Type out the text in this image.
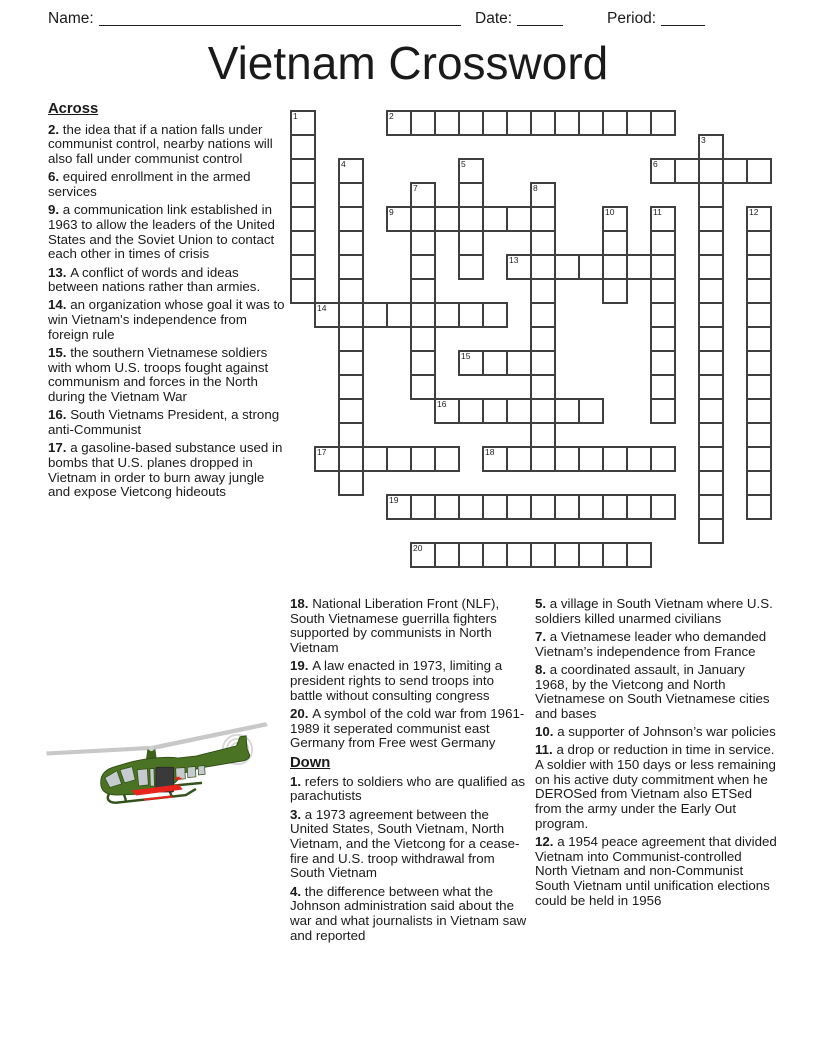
Name:	Date:	Period:
Vietnam Crossword
1	2
3
4	5	6
7	8
9	10	11	12
13
14
15
16
17	18
19
20
Across

2. the idea that if a nation falls under communist control, nearby nations will also fall under communist control

6. equired enrollment in the armed services

9. a communication link established in 1963 to allow the leaders of the United States and the Soviet Union to contact each other in times of crisis

13. A conflict of words and ideas between nations rather than armies.

14. an organization whose goal it was to win Vietnam's independence from foreign rule

15. the southern Vietnamese soldiers with whom U.S. troops fought against communism and forces in the North during the Vietnam War

16. South Vietnams President, a strong anti-Communist

17. a gasoline-based substance used in bombs that U.S. planes dropped in Vietnam in order to burn away jungle and expose Vietcong hideouts

18. National Liberation Front (NLF), South Vietnamese guerrilla fighters supported by communists in North Vietnam

19. A law enacted in 1973, limiting a president rights to send troops into battle without consulting congress

20. A symbol of the cold war from 1961-1989 it seperated communist east Germany from Free west Germany

Down

1. refers to soldiers who are qualified as parachutists

3. a 1973 agreement between the United States, South Vietnam, North Vietnam, and the Vietcong for a cease-fire and U.S. troop withdrawal from South Vietnam

4. the difference between what the Johnson administration said about the war and what journalists in Vietnam saw and reported

5. a village in South Vietnam where U.S. soldiers killed unarmed civilians

7. a Vietnamese leader who demanded Vietnam’s independence from France

8. a coordinated assault, in January 1968, by the Vietcong and North Vietnamese on South Vietnamese cities and bases

10. a supporter of Johnson’s war policies

11. a drop or reduction in time in service. A soldier with 150 days or less remaining on his active duty commitment when he DEROSed from Vietnam also ETSed from the army under the Early Out program.

12. a 1954 peace agreement that divided Vietnam into Communist-controlled North Vietnam and non-Communist South Vietnam until unification elections could be held in 1956
